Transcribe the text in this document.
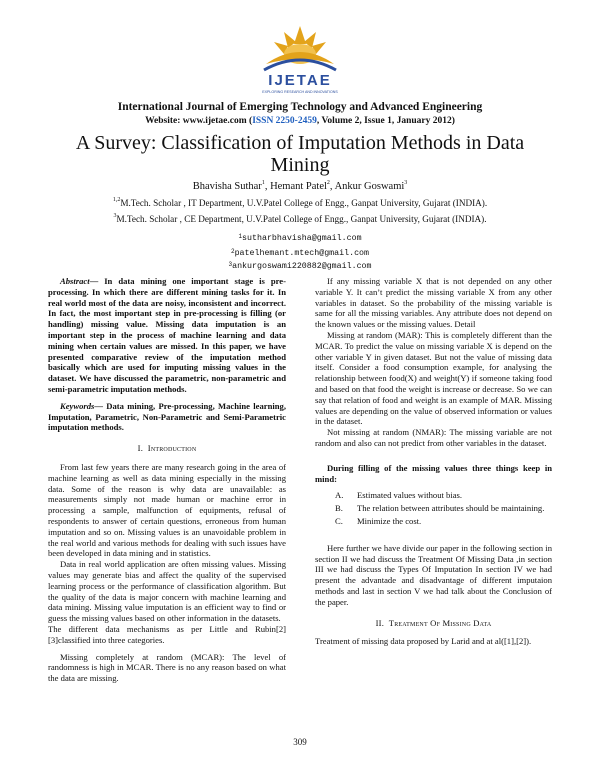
IJETAE
EXPLORING RESEARCH AND INNOVATIONS
International Journal of Emerging Technology and Advanced Engineering
Website: www.ijetae.com (ISSN 2250-2459, Volume 2, Issue 1, January 2012)
A Survey: Classification of Imputation Methods in Data
Mining
Bhavisha Suthar$^1$, Hemant Patel$^2$, Ankur Goswami$^3$
$^{1,2}$M.Tech. Scholar , IT Department, U.V.Patel College of Engg., Ganpat University, Gujarat (INDIA).
$^3$M.Tech. Scholar , CE Department, U.V.Patel College of Engg., Ganpat University, Gujarat (INDIA).
$^1$sutharbhavisha@gmail.com
$^2$patelhemant.mtech@gmail.com
$^3$ankurgoswami220882@gmail.com

Abstract— In data mining one important stage is pre-processing. In which there are different mining tasks for it. In real world most of the data are noisy, inconsistent and incorrect. In fact, the most important step in pre-processing is filling (or handling) missing value. Missing data imputation is an important step in the process of machine learning and data mining when certain values are missed. In this paper, we have presented comparative review of the imputation method basically which are used for imputing missing values in the dataset. We have discussed the parametric, non-parametric and semi-parametric imputation methods.

Keywords— Data mining, Pre-processing, Machine learning, Imputation, Parametric, Non-Parametric and Semi-Parametric imputation methods.

I. Introduction

From last few years there are many research going in the area of machine learning as well as data mining especially in the missing data. Some of the reason is why data are unavailable: as measurements simply not made human or machine error in processing a sample, malfunction of equipments, refusal of respondents to answer of certain questions, erroneous from human imputation and so on. Missing values is an unavoidable problem in the real world and various methods for dealing with such issues have been developed in data mining and in statistics.

Data in real world application are often missing values. Missing values may generate bias and affect the quality of the supervised learning process or the performance of classification algorithm. But the quality of the data is major concern with machine learning and data mining. Missing value imputation is an efficient way to find or guess the missing values based on other information in the datasets.

The different data mechanisms as per Little and Rubin[2][3]classified into three categories.

Missing completely at random (MCAR): The level of randomness is high in MCAR. There is no any reason based on what the data are missing.

If any missing variable X that is not depended on any other variable Y. It can’t predict the missing variable X from any other variables in dataset. So the probability of the missing variable is same for all the missing variables. Any attribute does not depend on the known values or the missing values. Detail

Missing at random (MAR): This is completely different than the MCAR. To predict the value on missing variable X is depend on the other variable Y in given dataset. But not the value of missing data itself. Consider a food consumption example, for analysing the relationship between food(X) and weight(Y) if someone taking food and based on that food the weight is increase or decrease. So we can say that relation of food and weight is an example of MAR. Missing values are depending on the value of observed information or values in the dataset.

Not missing at random (NMAR): The missing variable are not random and also can not predict from other variables in the dataset.

During filling of the missing values three things keep in mind:

A.	Estimated values without bias.
B.	The relation between attributes should be maintaining.
C.	Minimize the cost.

Here further we have divide our paper in the following section in section II we had discuss the Treatment Of Missing Data ,in section III we had discuss the Types Of Imputation In section IV we had present the advantade and disadvantage of different imputaion methods and last in section V we had talk about the Conclusion of the paper.

II. Treatment Of Missing Data

Treatment of missing data proposed by Larid and at al([1],[2]).

309
